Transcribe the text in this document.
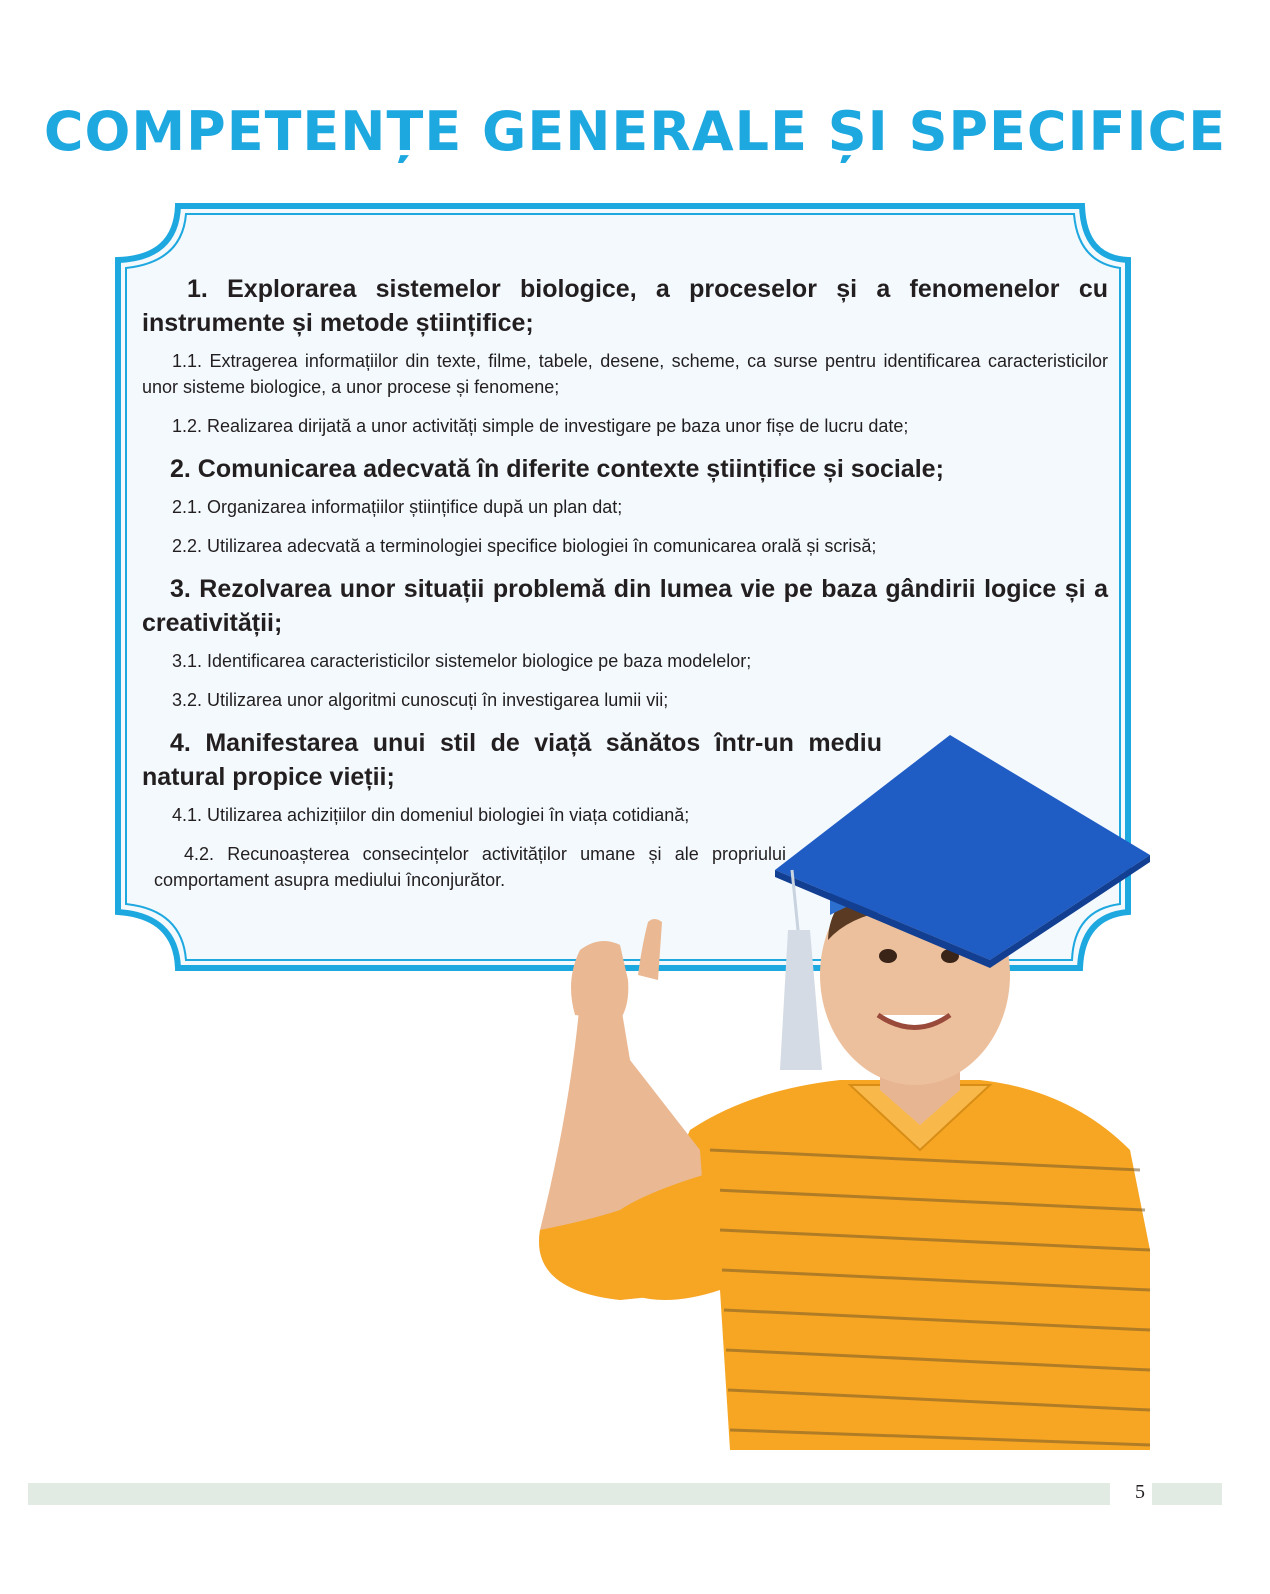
COMPETENȚE GENERALE ȘI SPECIFICE
1. Explorarea sistemelor biologice, a proceselor și a fenomenelor cu instrumente și metode științifice;
1.1. Extragerea informațiilor din texte, filme, tabele, desene, scheme, ca surse pentru identificarea caracteristicilor unor sisteme biologice, a unor procese și fenomene;
1.2. Realizarea dirijată a unor activități simple de investigare pe baza unor fișe de lucru date;
2. Comunicarea adecvată în diferite contexte științifice și sociale;
2.1. Organizarea informațiilor științifice după un plan dat;
2.2. Utilizarea adecvată a terminologiei specifice biologiei în comunicarea orală și scrisă;
3. Rezolvarea unor situații problemă din lumea vie pe baza gândirii logice și a creativității;
3.1. Identificarea caracteristicilor sistemelor biologice pe baza modelelor;
3.2. Utilizarea unor algoritmi cunoscuți în investigarea lumii vii;
4. Manifestarea unui stil de viață sănătos într-un mediu natural propice vieții;
4.1. Utilizarea achizițiilor din domeniul biologiei în viața cotidiană;
4.2. Recunoașterea consecințelor activităților umane și ale propriului comportament asupra mediului înconjurător.
5
